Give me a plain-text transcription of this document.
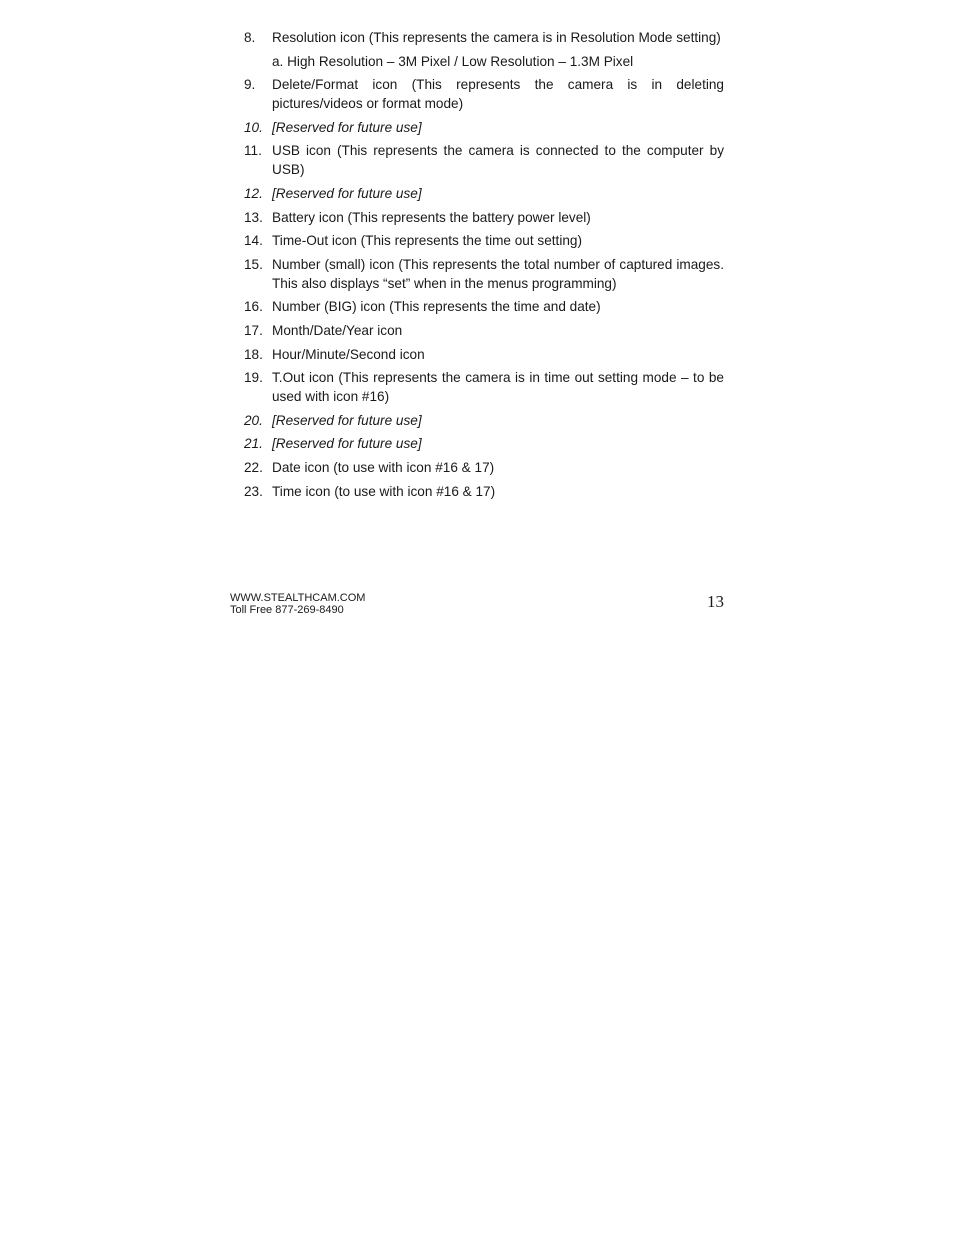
8.	Resolution icon (This represents the camera is in Resolution Mode setting)
a. High Resolution – 3M Pixel / Low Resolution – 1.3M Pixel
9.	Delete/Format icon (This represents the camera is in deleting pictures/videos or format mode)
10. [Reserved for future use]
11. USB icon (This represents the camera is connected to the computer by USB)
12. [Reserved for future use]
13. Battery icon (This represents the battery power level)
14. Time-Out icon (This represents the time out setting)
15. Number (small) icon (This represents the total number of captured images. This also displays “set” when in the menus programming)
16. Number (BIG) icon (This represents the time and date)
17. Month/Date/Year icon
18. Hour/Minute/Second icon
19. T.Out icon (This represents the camera is in time out setting mode – to be used with icon #16)
20. [Reserved for future use]
21. [Reserved for future use]
22. Date icon (to use with icon #16 & 17)
23. Time icon (to use with icon #16 & 17)
WWW.STEALTHCAM.COM
Toll Free 877-269-8490	13
